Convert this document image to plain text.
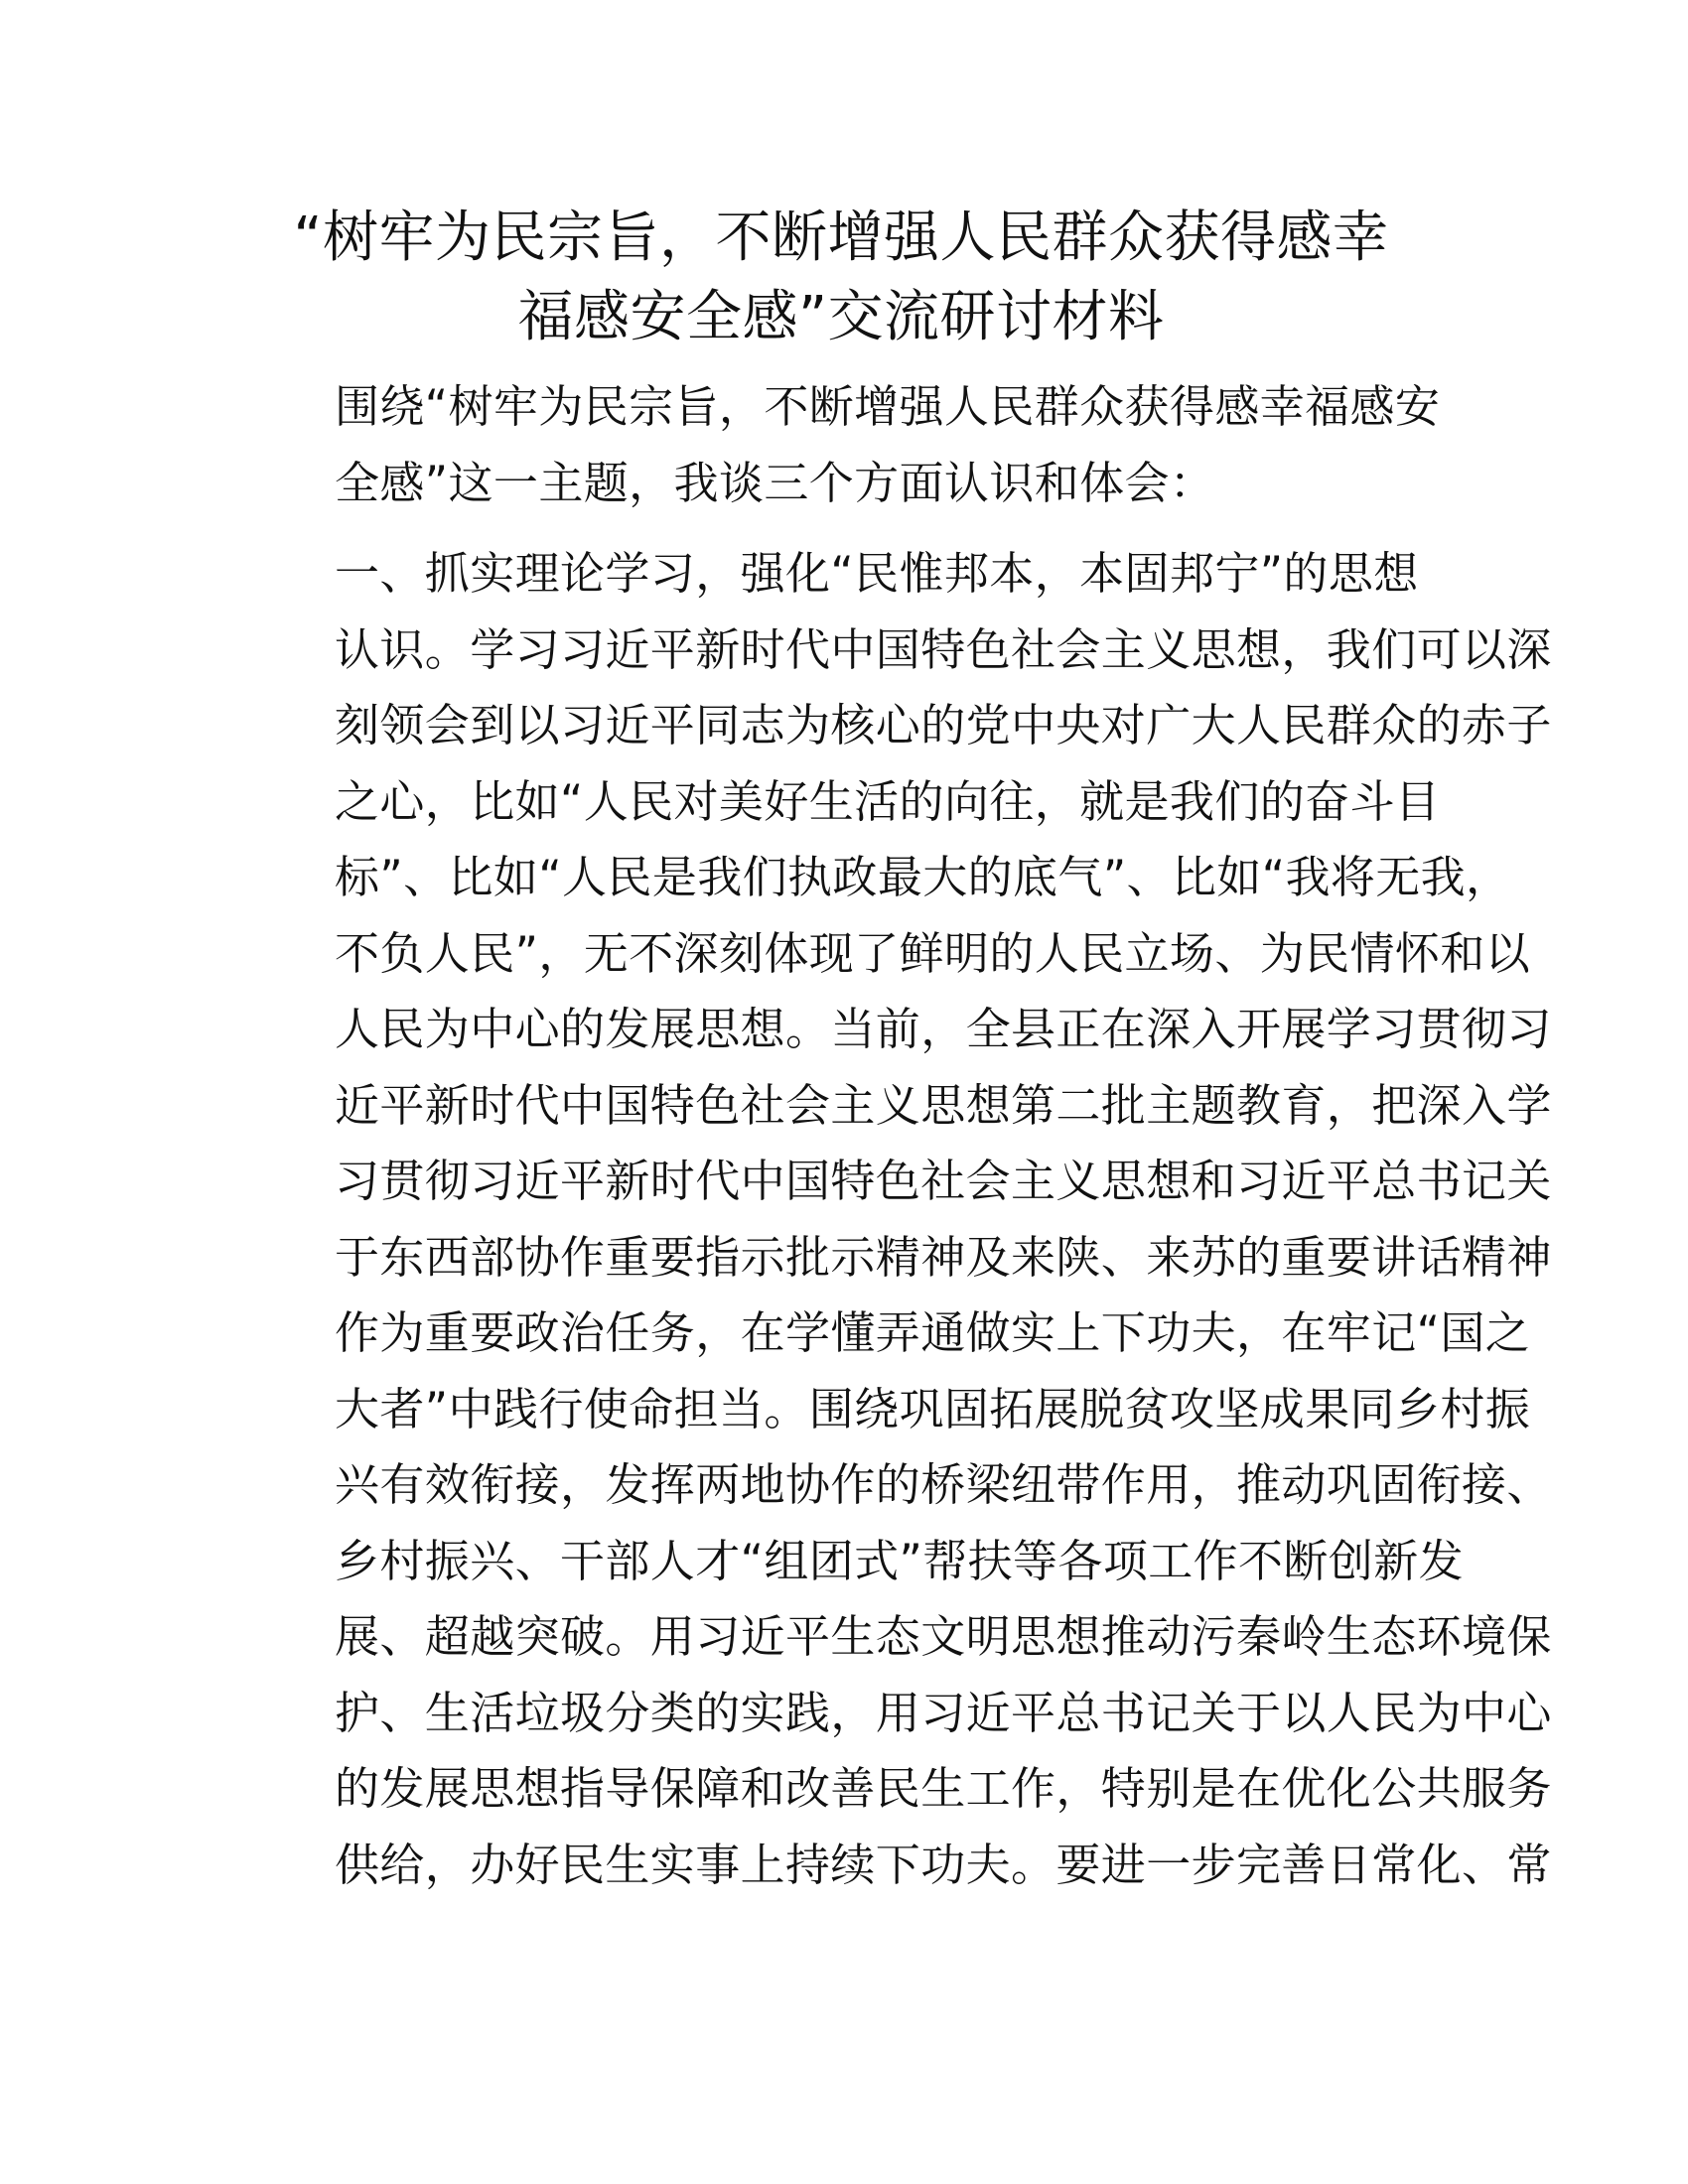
“树牢为民宗旨，不断增强人民群众获得感幸
福感安全感”交流研讨材料

围绕“树牢为民宗旨，不断增强人民群众获得感幸福感安
全感”这一主题，我谈三个方面认识和体会：

一、抓实理论学习，强化“民惟邦本，本固邦宁”的思想
认识。学习习近平新时代中国特色社会主义思想，我们可以深
刻领会到以习近平同志为核心的党中央对广大人民群众的赤子
之心，比如“人民对美好生活的向往，就是我们的奋斗目
标”、比如“人民是我们执政最大的底气”、比如“我将无我，
不负人民”，无不深刻体现了鲜明的人民立场、为民情怀和以
人民为中心的发展思想。当前，全县正在深入开展学习贯彻习
近平新时代中国特色社会主义思想第二批主题教育，把深入学
习贯彻习近平新时代中国特色社会主义思想和习近平总书记关
于东西部协作重要指示批示精神及来陕、来苏的重要讲话精神
作为重要政治任务，在学懂弄通做实上下功夫，在牢记“国之
大者”中践行使命担当。围绕巩固拓展脱贫攻坚成果同乡村振
兴有效衔接，发挥两地协作的桥梁纽带作用，推动巩固衔接、
乡村振兴、干部人才“组团式”帮扶等各项工作不断创新发
展、超越突破。用习近平生态文明思想推动污秦岭生态环境保
护、生活垃圾分类的实践，用习近平总书记关于以人民为中心
的发展思想指导保障和改善民生工作，特别是在优化公共服务
供给，办好民生实事上持续下功夫。要进一步完善日常化、常
